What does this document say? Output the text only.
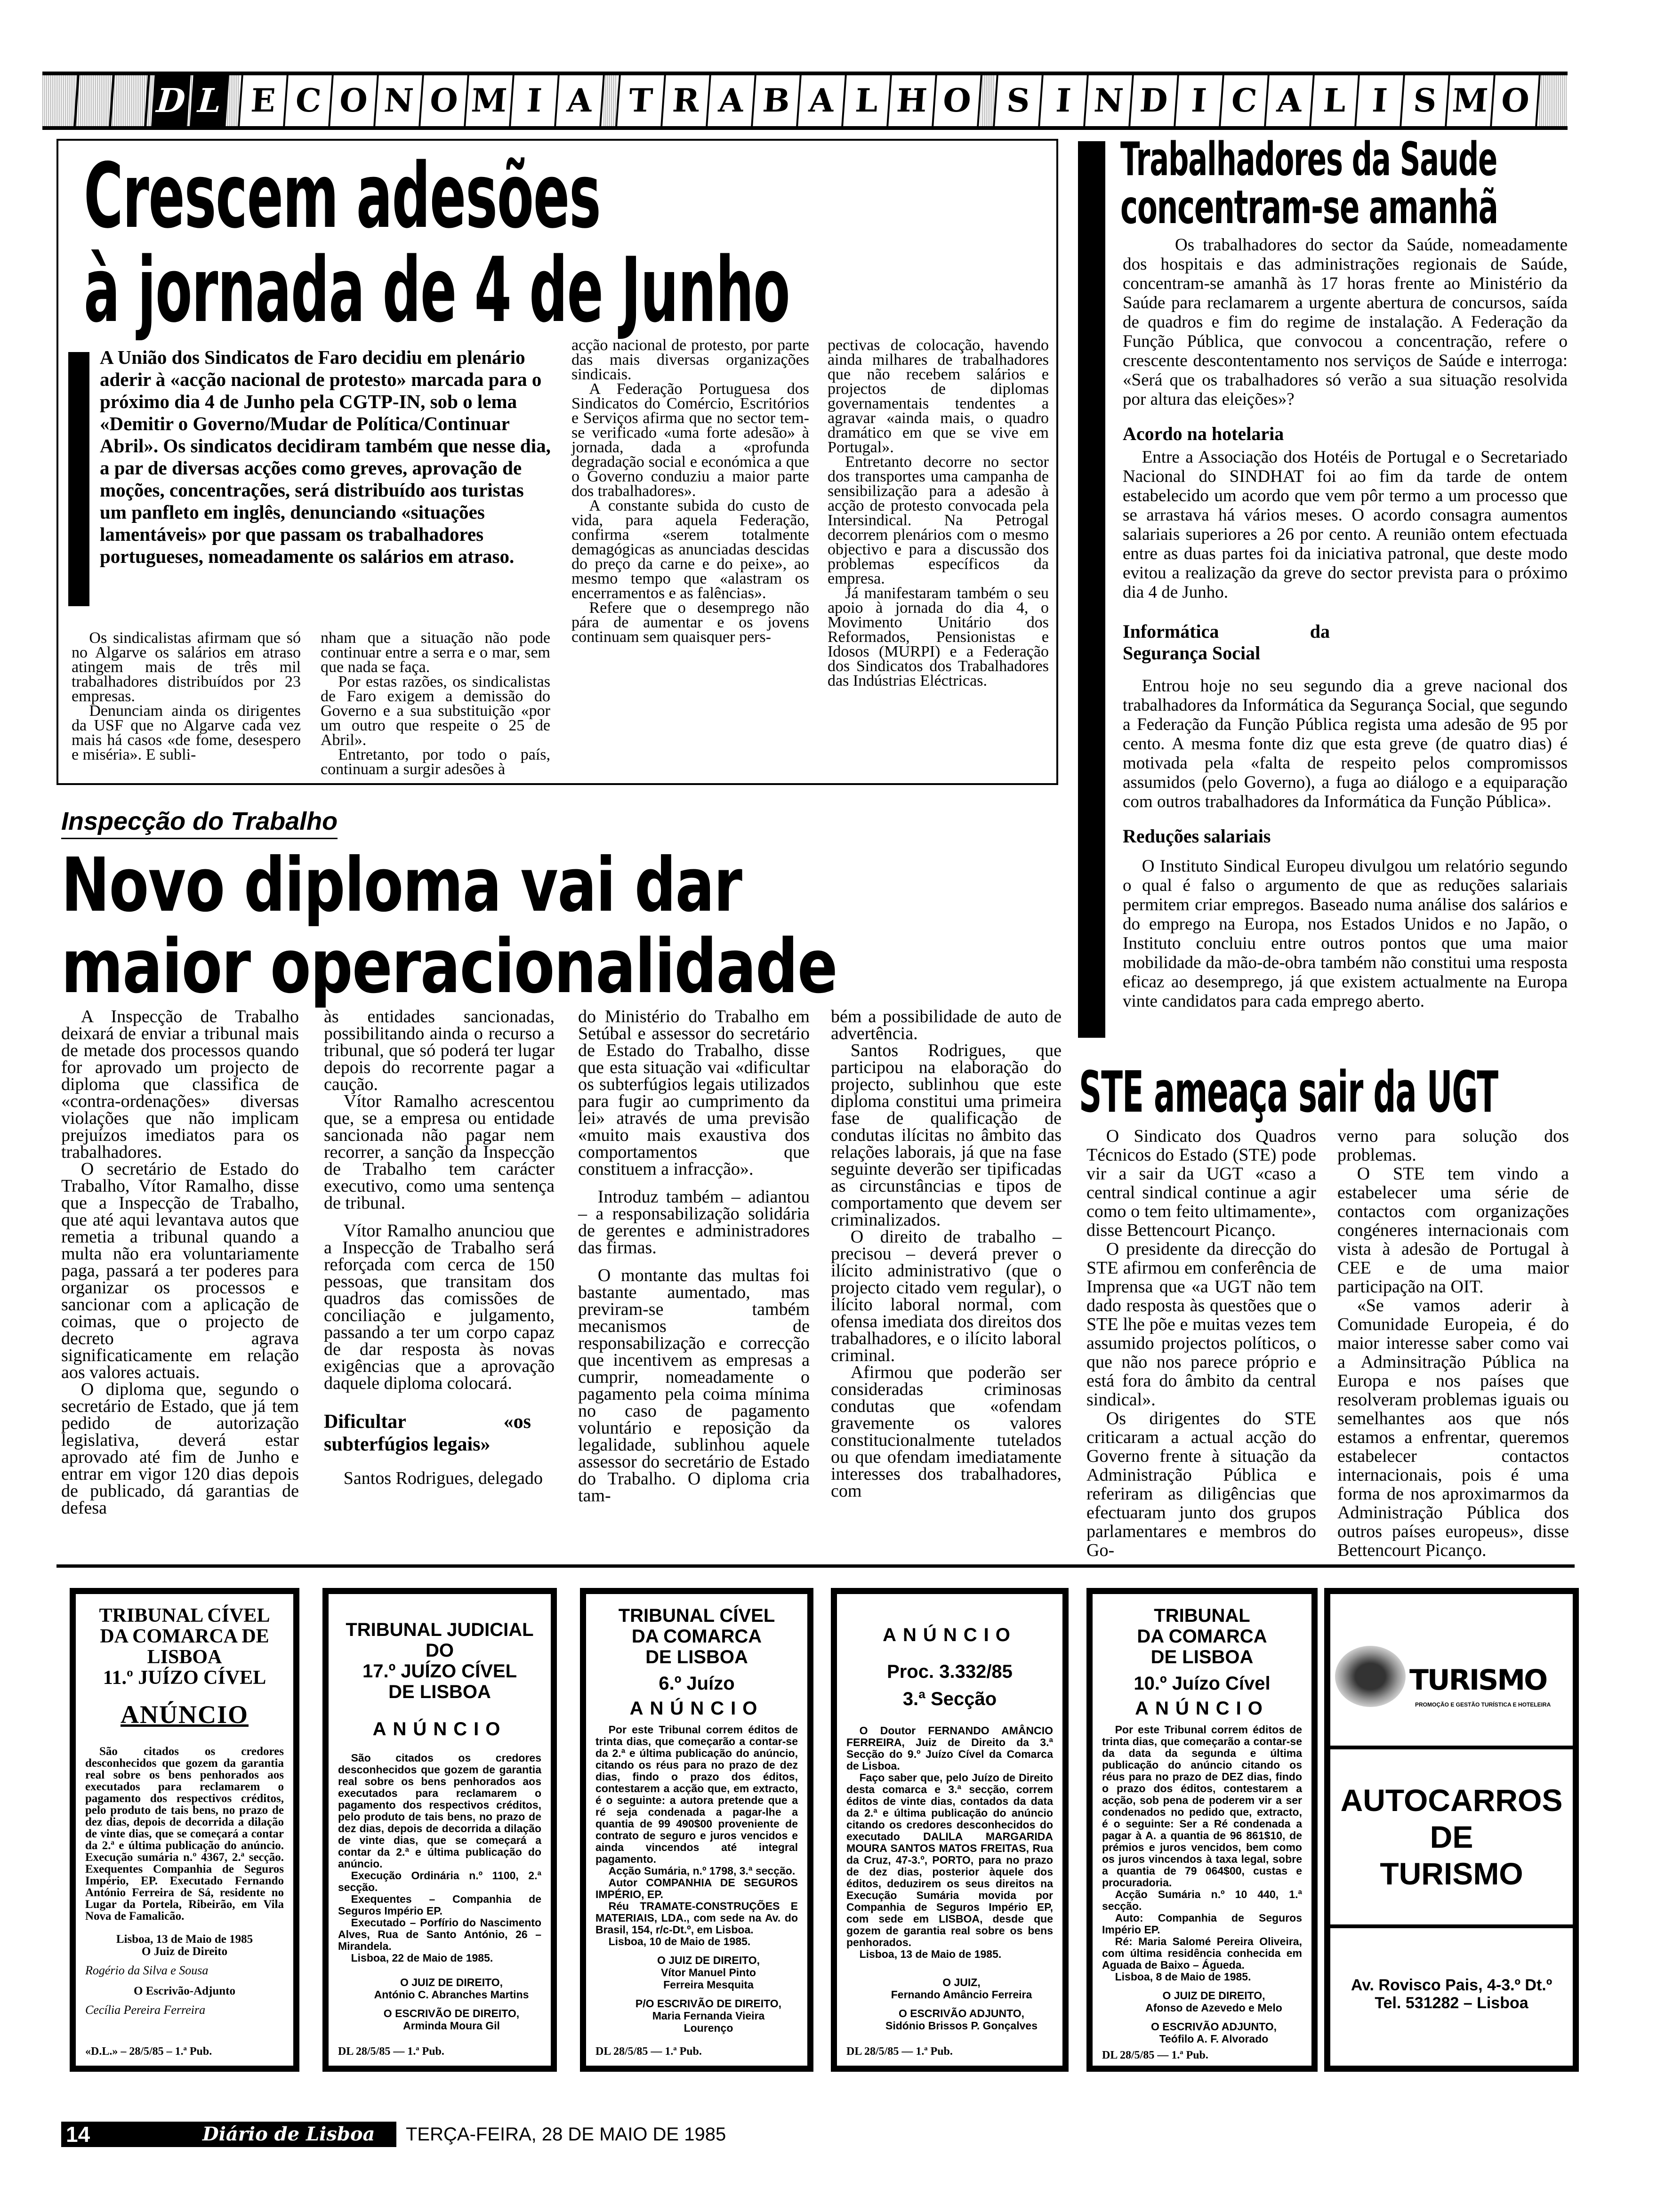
D L E C O N O M I A	T R A B A L H O	S I N D I C A L I S M O
Crescem adesões
à jornada de 4 de Junho
A União dos Sindicatos de Faro decidiu em plenário aderir à «acção nacional de protesto» marcada para o próximo dia 4 de Junho pela CGTP-IN, sob o lema «Demitir o Governo/Mudar de Política/Continuar Abril». Os sindicatos decidiram também que nesse dia, a par de diversas acções como greves, aprovação de moções, concentrações, será distribuído aos turistas um panfleto em inglês, denunciando «situações lamentáveis» por que passam os trabalhadores portugueses, nomeadamente os salários em atraso.

Os sindicalistas afirmam que só no Algarve os salários em atraso atingem mais de três mil trabalhadores distribuídos por 23 empresas.

Denunciam ainda os dirigentes da USF que no Algarve cada vez mais há casos «de fome, desespero e miséria». E subli-

nham que a situação não pode continuar entre a serra e o mar, sem que nada se faça.

Por estas razões, os sindicalistas de Faro exigem a demissão do Governo e a sua substituição «por um outro que respeite o 25 de Abril».

Entretanto, por todo o país, continuam a surgir adesões à

acção nacional de protesto, por parte das mais diversas organizações sindicais.

A Federação Portuguesa dos Sindicatos do Comércio, Escritórios e Serviços afirma que no sector tem-se verificado «uma forte adesão» à jornada, dada a «profunda degradação social e económica a que o Governo conduziu a maior parte dos trabalhadores».

A constante subida do custo de vida, para aquela Federação, confirma «serem totalmente demagógicas as anunciadas descidas do preço da carne e do peixe», ao mesmo tempo que «alastram os encerramentos e as falências».

Refere que o desemprego não pára de aumentar e os jovens continuam sem quaisquer pers-

pectivas de colocação, havendo ainda milhares de trabalhadores que não recebem salários e projectos de diplomas governamentais tendentes a agravar «ainda mais, o quadro dramático em que se vive em Portugal».

Entretanto decorre no sector dos transportes uma campanha de sensibilização para a adesão à acção de protesto convocada pela Intersindical. Na Petrogal decorrem plenários com o mesmo objectivo e para a discussão dos problemas específicos da empresa.

Já manifestaram também o seu apoio à jornada do dia 4, o Movimento Unitário dos Reformados, Pensionistas e Idosos (MURPI) e a Federação dos Sindicatos dos Trabalhadores das Indústrias Eléctricas.

Trabalhadores da Saude
concentram-se amanhã

Os trabalhadores do sector da Saúde, nomeadamente dos hospitais e das administrações regionais de Saúde, concentram-se amanhã às 17 horas frente ao Ministério da Saúde para reclamarem a urgente abertura de concursos, saída de quadros e fim do regime de instalação. A Federação da Função Pública, que convocou a concentração, refere o crescente descontentamento nos serviços de Saúde e interroga: «Será que os trabalhadores só verão a sua situação resolvida por altura das eleições»?

Acordo na hotelaria

Entre a Associação dos Hotéis de Portugal e o Secretariado Nacional do SINDHAT foi ao fim da tarde de ontem estabelecido um acordo que vem pôr termo a um processo que se arrastava há vários meses. O acordo consagra aumentos salariais superiores a 26 por cento. A reunião ontem efectuada entre as duas partes foi da iniciativa patronal, que deste modo evitou a realização da greve do sector prevista para o próximo dia 4 de Junho.

Informática da Segurança Social

Entrou hoje no seu segundo dia a greve nacional dos trabalhadores da Informática da Segurança Social, que segundo a Federação da Função Pública regista uma adesão de 95 por cento. A mesma fonte diz que esta greve (de quatro dias) é motivada pela «falta de respeito pelos compromissos assumidos (pelo Governo), a fuga ao diálogo e a equiparação com outros trabalhadores da Informática da Função Pública».

Reduções salariais

O Instituto Sindical Europeu divulgou um relatório segundo o qual é falso o argumento de que as reduções salariais permitem criar empregos. Baseado numa análise dos salários e do emprego na Europa, nos Estados Unidos e no Japão, o Instituto concluiu entre outros pontos que uma maior mobilidade da mão-de-obra também não constitui uma resposta eficaz ao desemprego, já que existem actualmente na Europa vinte candidatos para cada emprego aberto.

Inspecção do Trabalho
Novo diploma vai dar
maior operacionalidade

A Inspecção de Trabalho deixará de enviar a tribunal mais de metade dos processos quando for aprovado um projecto de diploma que classifica de «contra-ordenações» diversas violações que não implicam prejuízos imediatos para os trabalhadores.

O secretário de Estado do Trabalho, Vítor Ramalho, disse que a Inspecção de Trabalho, que até aqui levantava autos que remetia a tribunal quando a multa não era voluntariamente paga, passará a ter poderes para organizar os processos e sancionar com a aplicação de coimas, que o projecto de decreto agrava significaticamente em relação aos valores actuais.

O diploma que, segundo o secretário de Estado, que já tem pedido de autorização legislativa, deverá estar aprovado até fim de Junho e entrar em vigor 120 dias depois de publicado, dá garantias de defesa

às entidades sancionadas, possibilitando ainda o recurso a tribunal, que só poderá ter lugar depois do recorrente pagar a caução.

Vítor Ramalho acrescentou que, se a empresa ou entidade sancionada não pagar nem recorrer, a sanção da Inspecção de Trabalho tem carácter executivo, como uma sentença de tribunal.

Vítor Ramalho anunciou que a Inspecção de Trabalho será reforçada com cerca de 150 pessoas, que transitam dos quadros das comissões de conciliação e julgamento, passando a ter um corpo capaz de dar resposta às novas exigências que a aprovação daquele diploma colocará.

Dificultar «os subterfúgios legais»

Santos Rodrigues, delegado

do Ministério do Trabalho em Setúbal e assessor do secretário de Estado do Trabalho, disse que esta situação vai «dificultar os subterfúgios legais utilizados para fugir ao cumprimento da lei» através de uma previsão «muito mais exaustiva dos comportamentos que constituem a infracção».

Introduz também – adiantou – a responsabilização solidária de gerentes e administradores das firmas.

O montante das multas foi bastante aumentado, mas previram-se também mecanismos de responsabilização e correcção que incentivem as empresas a cumprir, nomeadamente o pagamento pela coima mínima no caso de pagamento voluntário e reposição da legalidade, sublinhou aquele assessor do secretário de Estado do Trabalho. O diploma cria tam-

bém a possibilidade de auto de advertência.

Santos Rodrigues, que participou na elaboração do projecto, sublinhou que este diploma constitui uma primeira fase de qualificação de condutas ilícitas no âmbito das relações laborais, já que na fase seguinte deverão ser tipificadas as circunstâncias e tipos de comportamento que devem ser criminalizados.

O direito de trabalho – precisou – deverá prever o ilícito administrativo (que o projecto citado vem regular), o ilícito laboral normal, com ofensa imediata dos direitos dos trabalhadores, e o ilícito laboral criminal.

Afirmou que poderão ser consideradas criminosas condutas que «ofendam gravemente os valores constitucionalmente tutelados ou que ofendam imediatamente interesses dos trabalhadores, com

STE ameaça sair da UGT

O Sindicato dos Quadros Técnicos do Estado (STE) pode vir a sair da UGT «caso a central sindical continue a agir como o tem feito ultimamente», disse Bettencourt Picanço.

O presidente da direcção do STE afirmou em conferência de Imprensa que «a UGT não tem dado resposta às questões que o STE lhe põe e muitas vezes tem assumido projectos políticos, o que não nos parece próprio e está fora do âmbito da central sindical».

Os dirigentes do STE criticaram a actual acção do Governo frente à situação da Administração Pública e referiram as diligências que efectuaram junto dos grupos parlamentares e membros do Go-

verno para solução dos problemas.

O STE tem vindo a estabelecer uma série de contactos com organizações congéneres internacionais com vista à adesão de Portugal à CEE e de uma maior participação na OIT.

«Se vamos aderir à Comunidade Europeia, é do maior interesse saber como vai a Adminsitração Pública na Europa e nos países que resolveram problemas iguais ou semelhantes aos que nós estamos a enfrentar, queremos estabelecer contactos internacionais, pois é uma forma de nos aproximarmos da Administração Pública dos outros países europeus», disse Bettencourt Picanço.

TRIBUNAL CÍVEL
DA COMARCA DE LISBOA
11.º JUÍZO CÍVEL
ANÚNCIO

São citados os credores desconhecidos que gozem da garantia real sobre os bens penhorados aos executados para reclamarem o pagamento dos respectivos créditos, pelo produto de tais bens, no prazo de dez dias, depois de decorrida a dilação de vinte dias, que se começará a contar da 2.ª e última publicação do anúncio. Execução sumária n.º 4367, 2.ª secção. Exequentes Companhia de Seguros Império, EP. Executado Fernando António Ferreira de Sá, residente no Lugar da Portela, Ribeirão, em Vila Nova de Famalicão.

Lisboa, 13 de Maio de 1985
O Juiz de Direito
Rogério da Silva e Sousa
O Escrivão-Adjunto
Cecília Pereira Ferreira
«D.L.» – 28/5/85 – 1.ª Pub.
TRIBUNAL JUDICIAL
DO
17.º JUÍZO CÍVEL
DE LISBOA
ANÚNCIO

São citados os credores desconhecidos que gozem de garantia real sobre os bens penhorados aos executados para reclamarem o pagamento dos respectivos créditos, pelo produto de tais bens, no prazo de dez dias, depois de decorrida a dilação de vinte dias, que se começará a contar da 2.ª e última publicação do anúncio.

Execução Ordinária n.º 1100, 2.ª secção.

Exequentes – Companhia de Seguros Império EP.

Executado – Porfírio do Nascimento Alves, Rua de Santo António, 26 – Mirandela.

Lisboa, 22 de Maio de 1985.

O JUIZ DE DIREITO,
António C. Abranches Martins
O ESCRIVÃO DE DIREITO,
Arminda Moura Gil
DL 28/5/85 — 1.ª Pub.
TRIBUNAL CÍVEL
DA COMARCA
DE LISBOA
6.º Juízo
ANÚNCIO

Por este Tribunal correm éditos de trinta dias, que começarão a contar-se da 2.ª e última publicação do anúncio, citando os réus para no prazo de dez dias, findo o prazo dos éditos, contestarem a acção que, em extracto, é o seguinte: a autora pretende que a ré seja condenada a pagar-lhe a quantia de 99 490$00 proveniente de contrato de seguro e juros vencidos e ainda vincendos até integral pagamento.

Acção Sumária, n.º 1798, 3.ª secção.

Autor COMPANHIA DE SEGUROS IMPÉRIO, EP.

Réu TRAMATE-CONSTRUÇÕES E MATERIAIS, LDA., com sede na Av. do Brasil, 154, r/c-Dt.º, em Lisboa.

Lisboa, 10 de Maio de 1985.

O JUIZ DE DIREITO,
Vítor Manuel Pinto
Ferreira Mesquita
P/O ESCRIVÃO DE DIREITO,
Maria Fernanda Vieira
Lourenço
DL 28/5/85 — 1.ª Pub.
ANÚNCIO
Proc. 3.332/85
3.ª Secção

O Doutor FERNANDO AMÂNCIO FERREIRA, Juiz de Direito da 3.ª Secção do 9.º Juízo Cível da Comarca de Lisboa.

Faço saber que, pelo Juízo de Direito desta comarca e 3.ª secção, correm éditos de vinte dias, contados da data da 2.ª e última publicação do anúncio citando os credores desconhecidos do executado DALILA MARGARIDA MOURA SANTOS MATOS FREITAS, Rua da Cruz, 47-3.º, PORTO, para no prazo de dez dias, posterior àquele dos éditos, deduzirem os seus direitos na Execução Sumária movida por Companhia de Seguros Império EP, com sede em LISBOA, desde que gozem de garantia real sobre os bens penhorados.

Lisboa, 13 de Maio de 1985.

O JUIZ,
Fernando Amâncio Ferreira
O ESCRIVÃO ADJUNTO,
Sidónio Brissos P. Gonçalves
DL 28/5/85 — 1.ª Pub.
TRIBUNAL
DA COMARCA
DE LISBOA
10.º Juízo Cível
ANÚNCIO

Por este Tribunal correm éditos de trinta dias, que começarão a contar-se da data da segunda e última publicação do anúncio citando os réus para no prazo de DEZ dias, findo o prazo dos éditos, contestarem a acção, sob pena de poderem vir a ser condenados no pedido que, extracto, é o seguinte: Ser a Ré condenada a pagar à A. a quantia de 96 861$10, de prémios e juros vencidos, bem como os juros vincendos à taxa legal, sobre a quantia de 79 064$00, custas e procuradoria.

Acção Sumária n.º 10 440, 1.ª secção.

Auto: Companhia de Seguros Império EP.

Ré: Maria Salomé Pereira Oliveira, com última residência conhecida em Aguada de Baixo – Águeda.

Lisboa, 8 de Maio de 1985.

O JUIZ DE DIREITO,
Afonso de Azevedo e Melo
O ESCRIVÃO ADJUNTO,
Teófilo A. F. Alvorado
DL 28/5/85 — 1.ª Pub.
TURISMO
PROMOÇÃO E GESTÃO TURÍSTICA E HOTELEIRA
AUTOCARROS
DE
TURISMO
Av. Rovisco Pais, 4-3.º Dt.º
Tel. 531282 – Lisboa
14	Diário de Lisboa TERÇA-FEIRA, 28 DE MAIO DE 1985
